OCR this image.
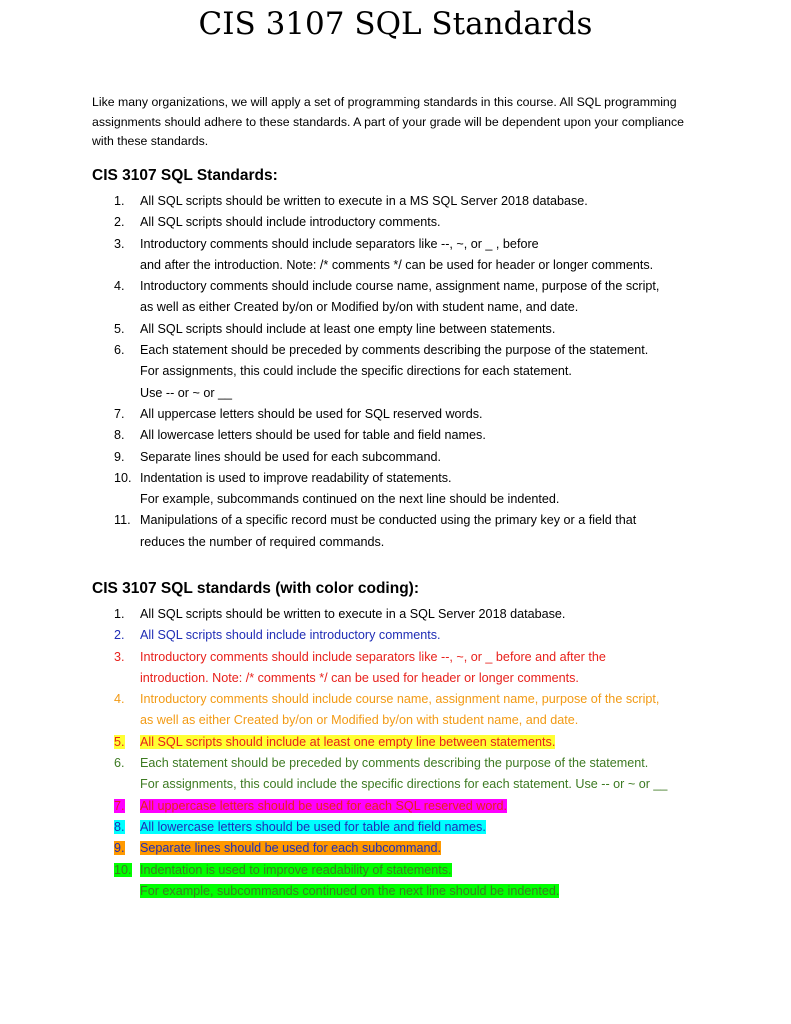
CIS 3107 SQL Standards
Like many organizations, we will apply a set of programming standards in this course. All SQL programming
assignments should adhere to these standards. A part of your grade will be dependent upon your compliance
with these standards.
CIS 3107 SQL Standards:
1.	All SQL scripts should be written to execute in a MS SQL Server 2018 database.
2.	All SQL scripts should include introductory comments.
3.	Introductory comments should include separators like --, ~, or _ , before
and after the introduction. Note: /* comments */ can be used for header or longer comments.
4.	Introductory comments should include course name, assignment name, purpose of the script,
as well as either Created by/on or Modified by/on with student name, and date.
5.	All SQL scripts should include at least one empty line between statements.
6.	Each statement should be preceded by comments describing the purpose of the statement.
For assignments, this could include the specific directions for each statement.
Use -- or ~ or __
7.	All uppercase letters should be used for SQL reserved words.
8.	All lowercase letters should be used for table and field names.
9.	Separate lines should be used for each subcommand.
10. Indentation is used to improve readability of statements.
For example, subcommands continued on the next line should be indented.
11. Manipulations of a specific record must be conducted using the primary key or a field that
reduces the number of required commands.
CIS 3107 SQL standards (with color coding):
1.	All SQL scripts should be written to execute in a SQL Server 2018 database.
2.	All SQL scripts should include introductory comments.
3.	Introductory comments should include separators like --, ~, or _ before and after the
introduction. Note: /* comments */ can be used for header or longer comments.
4.	Introductory comments should include course name, assignment name, purpose of the script,
as well as either Created by/on or Modified by/on with student name, and date.
5.	All SQL scripts should include at least one empty line between statements.
6.	Each statement should be preceded by comments describing the purpose of the statement.
For assignments, this could include the specific directions for each statement. Use -- or ~ or __
7.	All uppercase letters should be used for each SQL reserved word.
8.	All lowercase letters should be used for table and field names.
9.	Separate lines should be used for each subcommand.
10. Indentation is used to improve readability of statements.
For example, subcommands continued on the next line should be indented.
